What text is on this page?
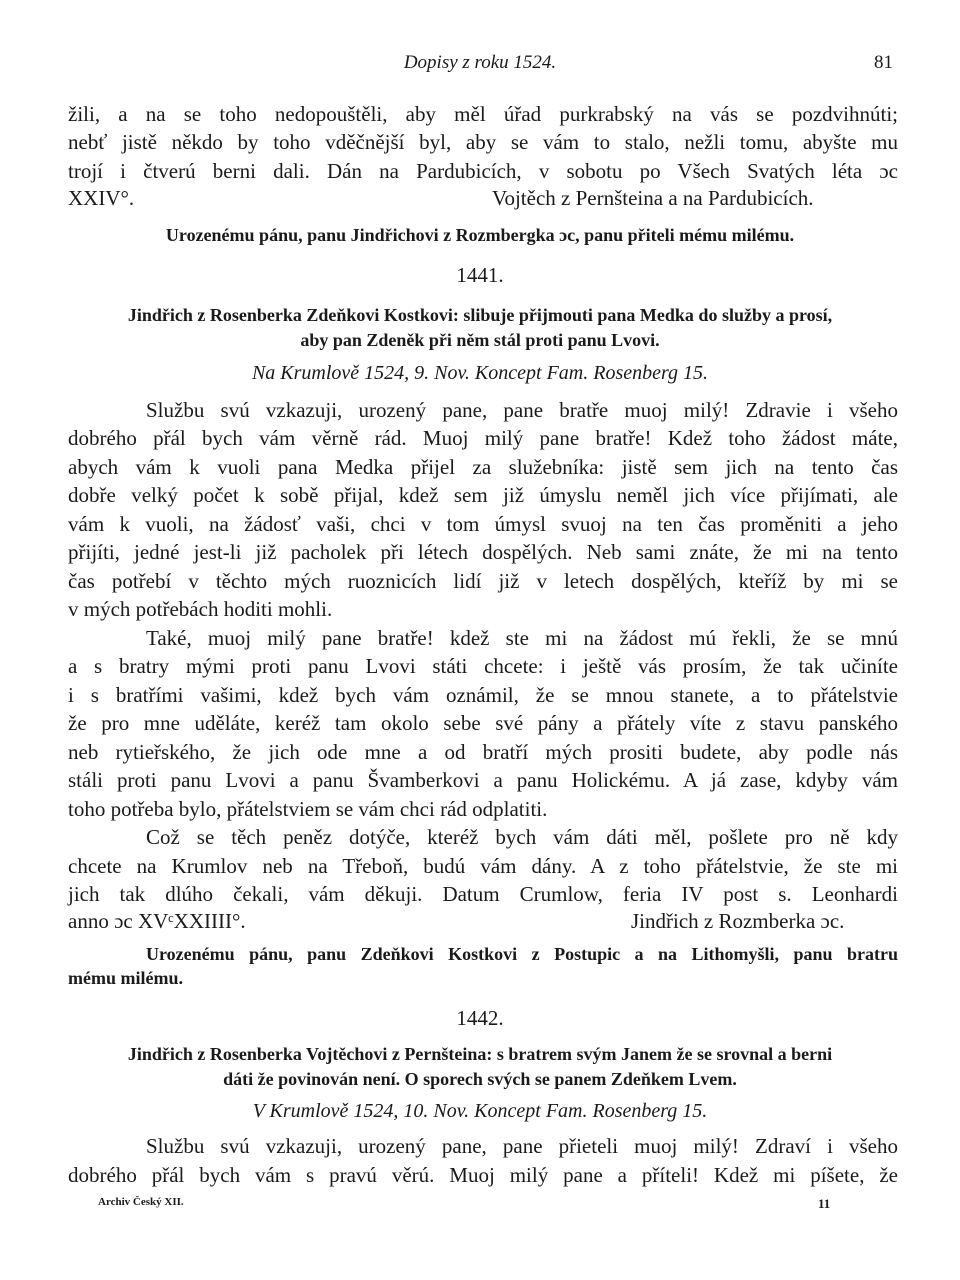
Dopisy z roku 1524.	81
žili, a na se toho nedopouštěli, aby měl úřad purkrabský na vás se pozdvihnúti;
nebť jistě někdo by toho vděčnější byl, aby se vám to stalo, nežli tomu, abyšte mu
trojí i čtverú berni dali. Dán na Pardubicích, v sobotu po Všech Svatých léta ɔc
XXIV°.	Vojtěch z Pernšteina a na Pardubicích.
Urozenému pánu, panu Jindřichovi z Rozmbergka ɔc, panu přiteli mému milému.
1441.
Jindřich z Rosenberka Zdeňkovi Kostkovi: slibuje přijmouti pana Medka do služby a prosí,
aby pan Zdeněk při něm stál proti panu Lvovi.
Na Krumlově 1524, 9. Nov. Koncept Fam. Rosenberg 15.
Službu svú vzkazuji, urozený pane, pane bratře muoj milý! Zdravie i všeho
dobrého přál bych vám věrně rád. Muoj milý pane bratře! Kdež toho žádost máte,
abych vám k vuoli pana Medka přijel za služebníka: jistě sem jich na tento čas
dobře velký počet k sobě přijal, kdež sem již úmyslu neměl jich více přijímati, ale
vám k vuoli, na žádosť vaši, chci v tom úmysl svuoj na ten čas proměniti a jeho
přijíti, jedné jest-li již pacholek při létech dospělých. Neb sami znáte, že mi na tento
čas potřebí v těchto mých ruoznicích lidí již v letech dospělých, kteříž by mi se
v mých potřebách hoditi mohli.
Také, muoj milý pane bratře! kdež ste mi na žádost mú řekli, že se mnú
a s bratry mými proti panu Lvovi státi chcete: i ještě vás prosím, že tak učiníte
i s bratřími vašimi, kdež bych vám oznámil, že se mnou stanete, a to přátelstvie
že pro mne uděláte, keréž tam okolo sebe své pány a přátely víte z stavu panského
neb rytieřského, že jich ode mne a od bratří mých prositi budete, aby podle nás
stáli proti panu Lvovi a panu Švamberkovi a panu Holickému. A já zase, kdyby vám
toho potřeba bylo, přátelstviem se vám chci rád odplatiti.
Což se těch peněz dotýče, kteréž bych vám dáti měl, pošlete pro ně kdy
chcete na Krumlov neb na Třeboň, budú vám dány. A z toho přátelstvie, že ste mi
jich tak dlúho čekali, vám děkuji. Datum Crumlow, feria IV post s. Leonhardi
anno ɔc XVᶜXXIIII°.	Jindřich z Rozmberka ɔc.
Urozenému pánu, panu Zdeňkovi Kostkovi z Postupic a na Lithomyšli, panu bratru
mému milému.
1442.
Jindřich z Rosenberka Vojtěchovi z Pernšteina: s bratrem svým Janem že se srovnal a berni
dáti že povinován není. O sporech svých se panem Zdeňkem Lvem.
V Krumlově 1524, 10. Nov. Koncept Fam. Rosenberg 15.
Službu svú vzkazuji, urozený pane, pane přieteli muoj milý! Zdraví i všeho
dobrého přál bych vám s pravú věrú. Muoj milý pane a příteli! Kdež mi píšete, že
Archiv Český XII.	11
